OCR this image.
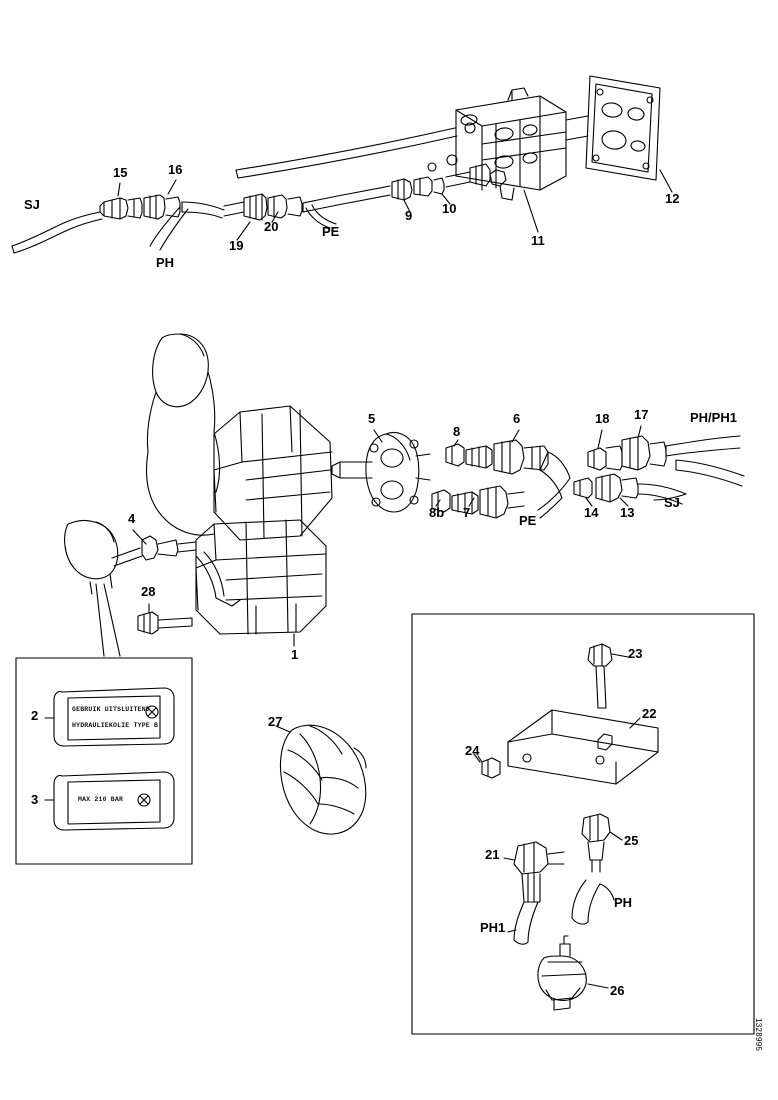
1
2
3
4
5	6
7
8
8b
9 10
11
12
13
14
15	16
17
18
19
20
21
22
23
24
25
26
27
28
SJ
PH
PE
PE
SJ
PH/PH1
PH1
PH
GEBRUIK UITSLUITEND
HYDRAULIEKOLIE TYPE B
MAX 210 BAR
1328995
